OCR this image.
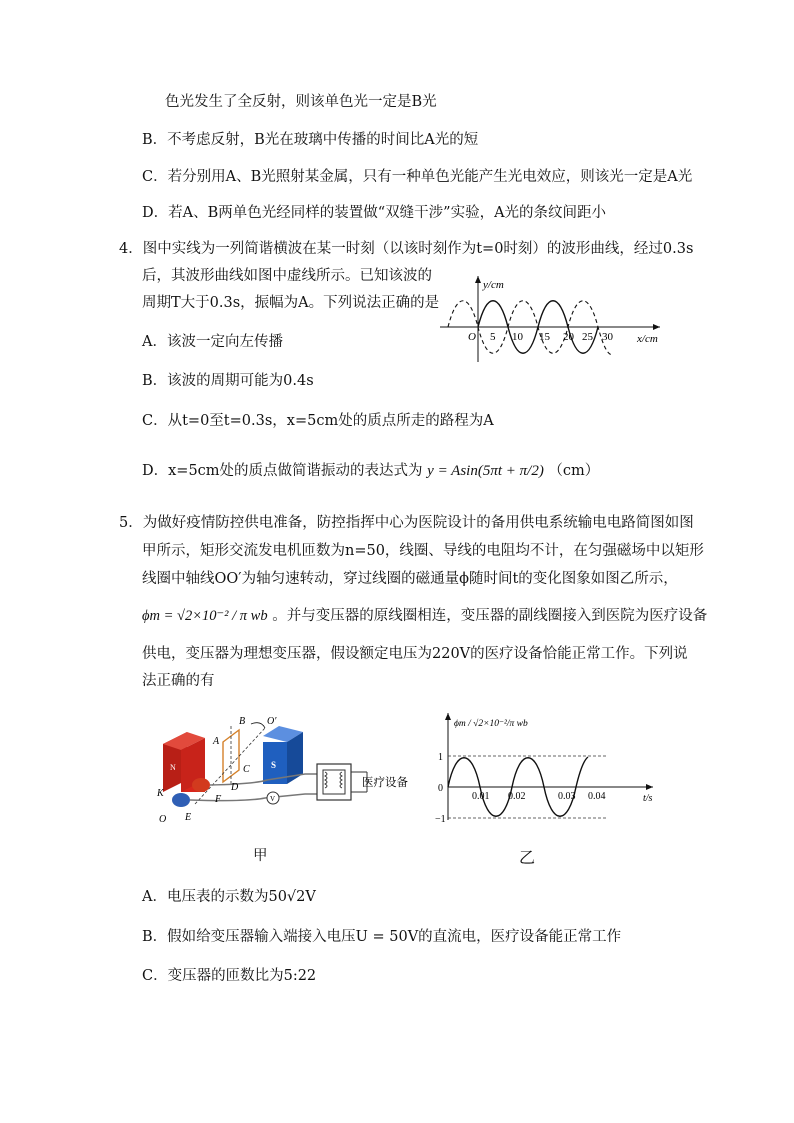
色光发生了全反射，则该单色光一定是B光
B．不考虑反射，B光在玻璃中传播的时间比A光的短
C．若分别用A、B光照射某金属，只有一种单色光能产生光电效应，则该光一定是A光
D．若A、B两单色光经同样的装置做“双缝干涉”实验，A光的条纹间距小
4．图中实线为一列简谐横波在某一时刻（以该时刻作为t=0时刻）的波形曲线，经过0.3s
后，其波形曲线如图中虚线所示。已知该波的
周期T大于0.3s，振幅为A。下列说法正确的是
y/cm
x/cm
O 5 10 15 20 25 30
A．该波一定向左传播
B．该波的周期可能为0.4s
C．从t=0至t=0.3s，x=5cm处的质点所走的路程为A
D．x=5cm处的质点做简谐振动的表达式为 y = Asin(5πt + π/2) （cm）
5．为做好疫情防控供电准备，防控指挥中心为医院设计的备用供电系统输电电路简图如图
甲所示，矩形交流发电机匝数为n=50，线圈、导线的电阻均不计，在匀强磁场中以矩形
线圈中轴线OO′为轴匀速转动，穿过线圈的磁通量ϕ随时间t的变化图象如图乙所示，
ϕm = √2×10⁻² / π wb 。并与变压器的原线圈相连，变压器的副线圈接入到医院为医疗设备
供电，变压器为理想变压器，假设额定电压为220V的医疗设备恰能正常工作。下列说
法正确的有
N	S
V
医疗设备
A
B O′
C
D
F
K
E
O
ϕm / √2×10⁻²/π wb
t/s
1
0
−1
0.01 0.02	0.03 0.04
甲	乙
A．电压表的示数为50√2V
B．假如给变压器输入端接入电压U = 50V的直流电，医疗设备能正常工作
C．变压器的匝数比为5:22
